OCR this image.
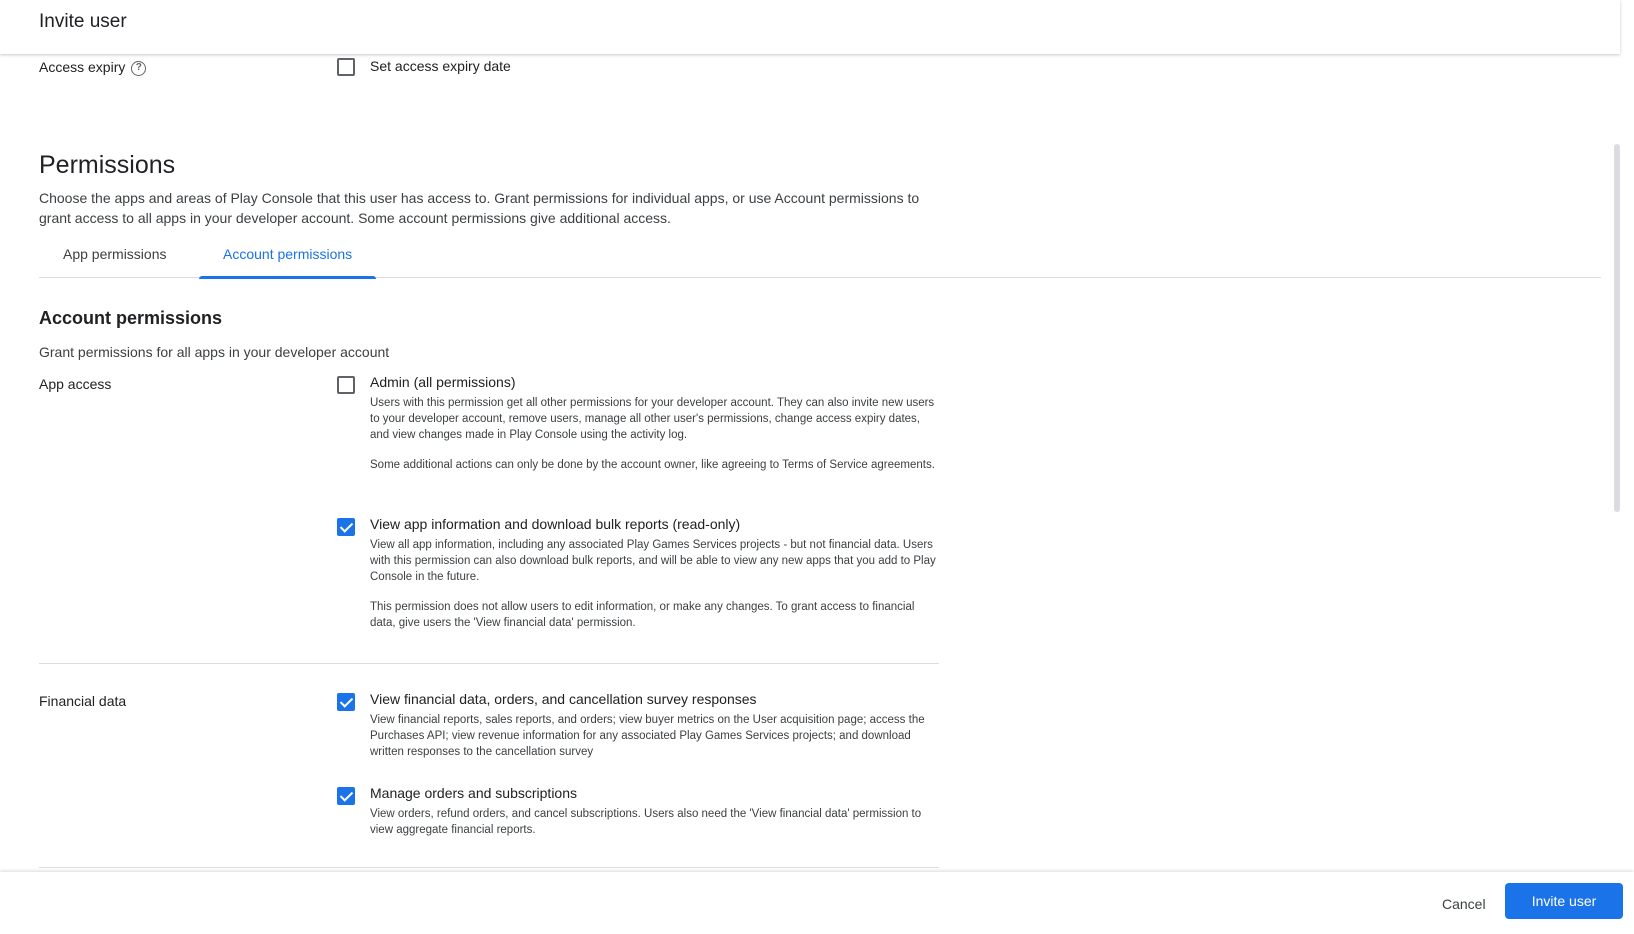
Invite user
Access expiry ?	Set access expiry date
Permissions

Choose the apps and areas of Play Console that this user has access to. Grant permissions for individual apps, or use Account permissions to grant access to all apps in your developer account. Some account permissions give additional access.

App permissions	Account permissions
Account permissions

Grant permissions for all apps in your developer account

App access	Admin (all permissions)
Users with this permission get all other permissions for your developer account. They can also invite new users to your developer account, remove users, manage all other user's permissions, change access expiry dates, and view changes made in Play Console using the activity log.
Some additional actions can only be done by the account owner, like agreeing to Terms of Service agreements.
View app information and download bulk reports (read-only)
View all app information, including any associated Play Games Services projects - but not financial data. Users with this permission can also download bulk reports, and will be able to view any new apps that you add to Play Console in the future.
This permission does not allow users to edit information, or make any changes. To grant access to financial data, give users the 'View financial data' permission.
Financial data	View financial data, orders, and cancellation survey responses
View financial reports, sales reports, and orders; view buyer metrics on the User acquisition page; access the Purchases API; view revenue information for any associated Play Games Services projects; and download written responses to the cancellation survey
Manage orders and subscriptions
View orders, refund orders, and cancel subscriptions. Users also need the 'View financial data' permission to view aggregate financial reports.
Cancel	Invite user
